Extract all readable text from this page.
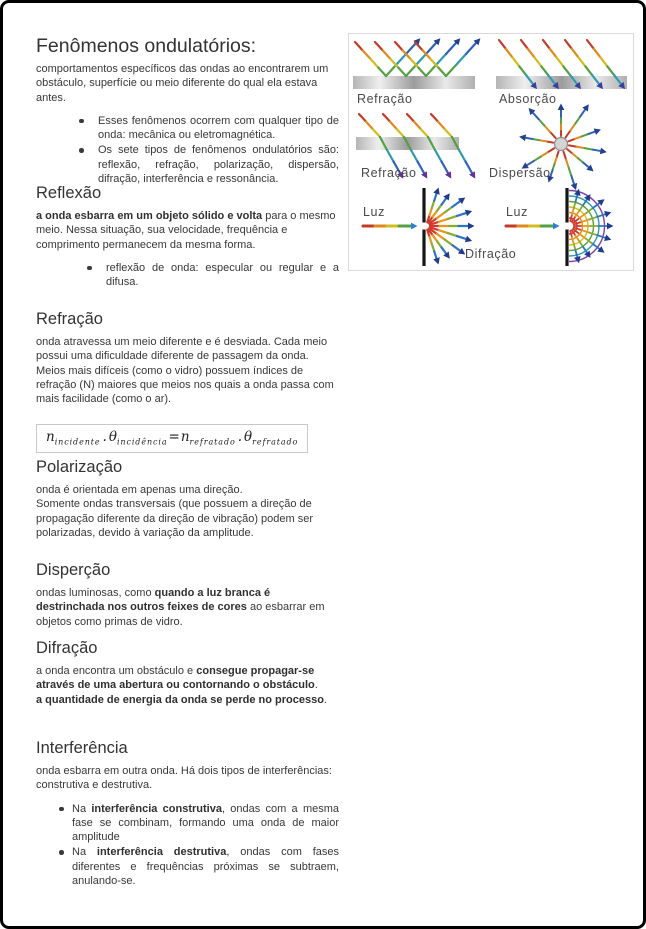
Fenômenos ondulatórios:

comportamentos específicos das ondas ao encontrarem um obstáculo, superfície ou meio diferente do qual ela estava antes.

Esses fenômenos ocorrem com qualquer tipo de onda: mecânica ou eletromagnética.
Os sete tipos de fenômenos ondulatórios são: reflexão, refração, polarização, dispersão, difração, interferência e ressonância.
Reflexão

a onda esbarra em um objeto sólido e volta para o mesmo meio. Nessa situação, sua velocidade, frequência e comprimento permanecem da mesma forma.

reflexão de onda: especular ou regular e a difusa.
Refração

onda atravessa um meio diferente e é desviada. Cada meio possui uma dificuldade diferente de passagem da onda. Meios mais difíceis (como o vidro) possuem índices de refração (N) maiores que meios nos quais a onda passa com mais facilidade (como o ar).

$n_{incidente}$ . $\theta_{incidência}=n_{refratado}$ . $\theta_{refratado}$
Polarização

onda é orientada em apenas uma direção.
Somente ondas transversais (que possuem a direção de propagação diferente da direção de vibração) podem ser polarizadas, devido à variação da amplitude.

Disperção

ondas luminosas, como quando a luz branca é destrinchada nos outros feixes de cores ao esbarrar em objetos como primas de vidro.

Difração

a onda encontra um obstáculo e consegue propagar-se através de uma abertura ou contornando o obstáculo.
a quantidade de energia da onda se perde no processo.

Interferência

onda esbarra em outra onda. Há dois tipos de interferências: construtiva e destrutiva.

Na interferência construtiva, ondas com a mesma fase se combinam, formando uma onda de maior amplitude
Na interferência destrutiva, ondas com fases diferentes e frequências próximas se subtraem, anulando-se.
Refração	Absorção
Refração	Dispersão
Luz	Luz
Difração
